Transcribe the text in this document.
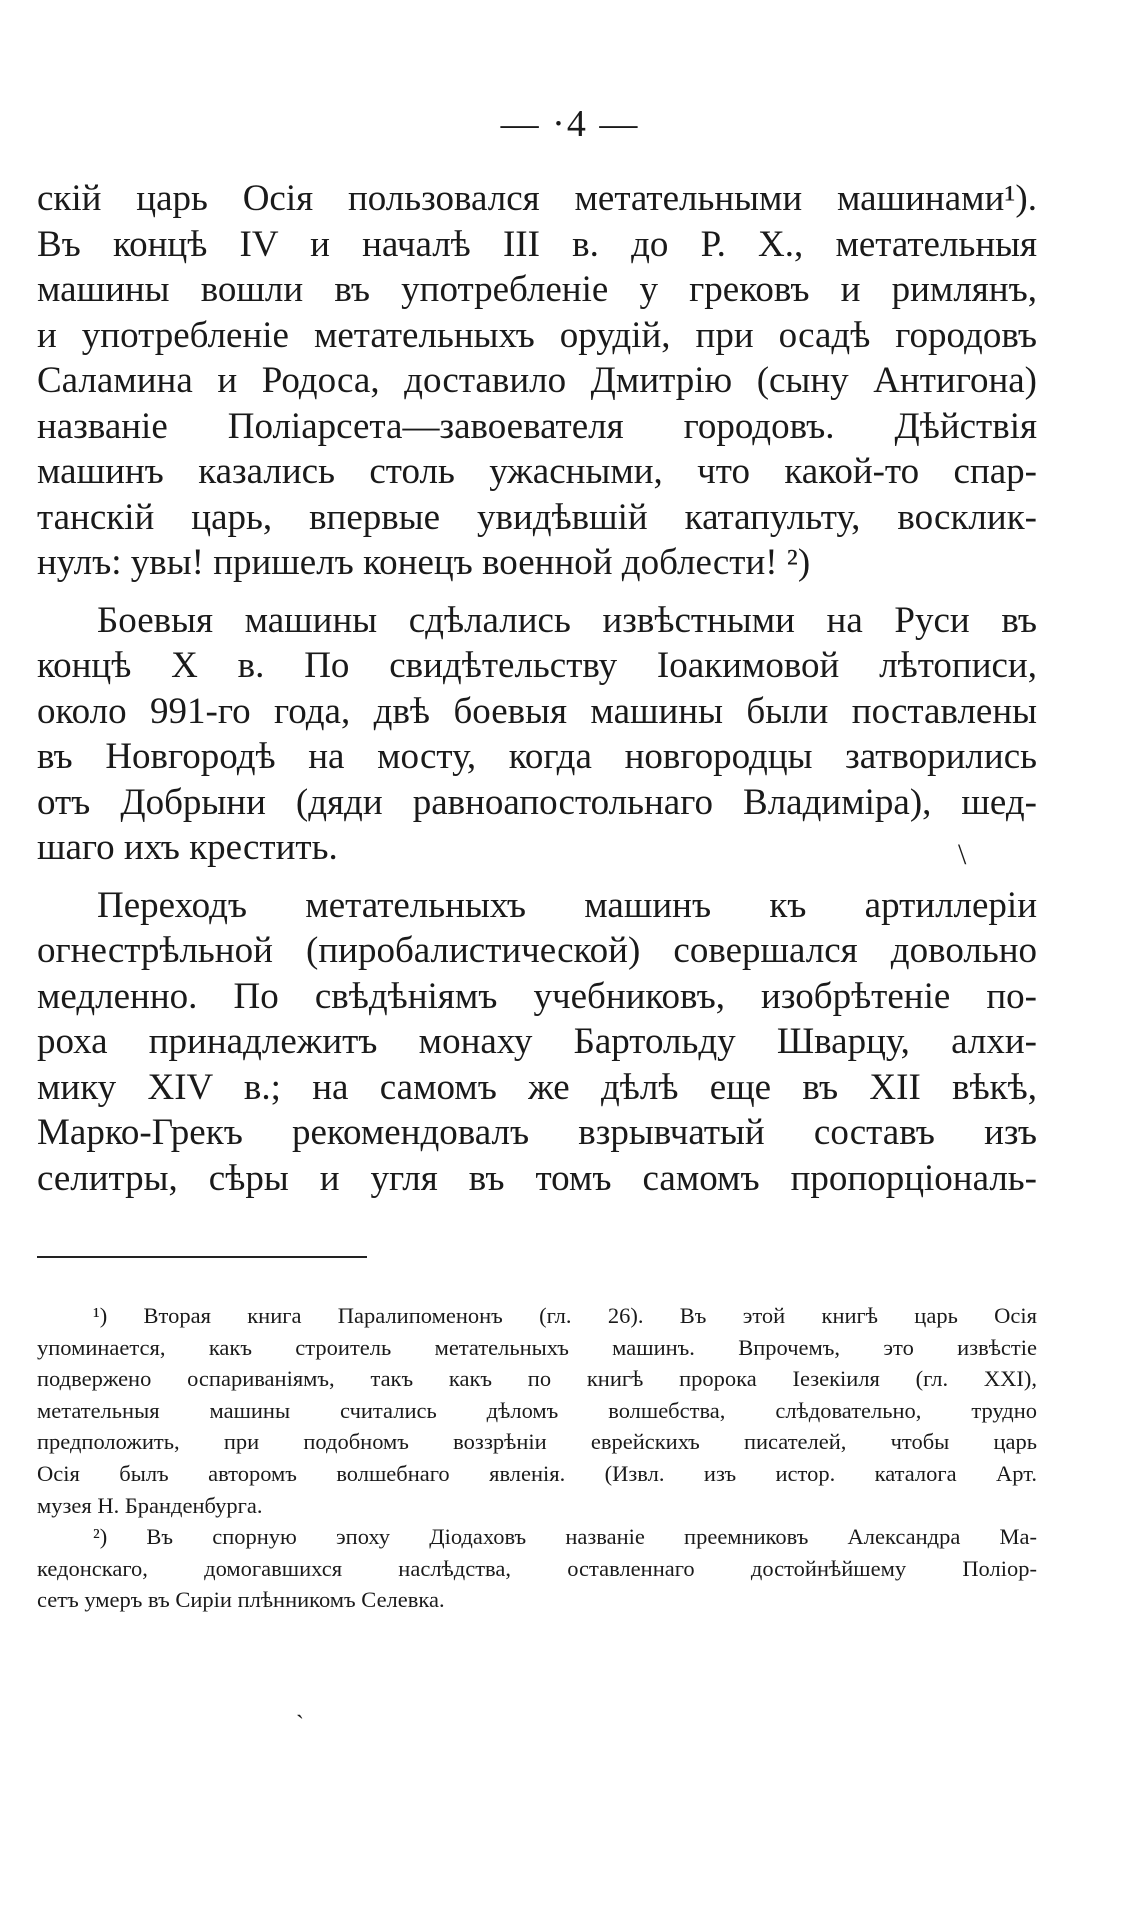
— ·4 —
скій царь Осія пользовался метательными машинами¹).
Въ концѣ IV и началѣ III в. до Р. Х., метательныя
машины вошли въ употребленіе у грековъ и римлянъ,
и употребленіе метательныхъ орудій, при осадѣ городовъ
Саламина и Родоса, доставило Дмитрію (сыну Антигона)
названіе Поліарсета—завоевателя городовъ. Дѣйствія
машинъ казались столь ужасными, что какой-то спар-
танскій царь, впервые увидѣвшій катапульту, восклик-
нулъ: увы! пришелъ конецъ военной доблести! ²)
Боевыя машины сдѣлались извѣстными на Руси въ
концѣ X в. По свидѣтельству Іоакимовой лѣтописи,
около 991-го года, двѣ боевыя машины были поставлены
въ Новгородѣ на мосту, когда новгородцы затворились
отъ Добрыни (дяди равноапостольнаго Владиміра), шед-
шаго ихъ крестить.
Переходъ метательныхъ машинъ къ артиллеріи
огнестрѣльной (пиробалистической) совершался довольно
медленно. По свѣдѣніямъ учебниковъ, изобрѣтеніе по-
роха принадлежитъ монаху Бартольду Шварцу, алхи-
мику XIV в.; на самомъ же дѣлѣ еще въ XII вѣкѣ,
Марко-Грекъ рекомендовалъ взрывчатый составъ изъ
селитры, сѣры и угля въ томъ самомъ пропорціональ-
\
¹) Вторая книга Паралипоменонъ (гл. 26). Въ этой книгѣ царь Осія
упоминается, какъ строитель метательныхъ машинъ. Впрочемъ, это извѣстіе
подвержено оспариваніямъ, такъ какъ по книгѣ пророка Іезекіиля (гл. XXI),
метательныя машины считались дѣломъ волшебства, слѣдовательно, трудно
предположить, при подобномъ воззрѣніи еврейскихъ писателей, чтобы царь
Осія былъ авторомъ волшебнаго явленія. (Извл. изъ истор. каталога Арт.
музея Н. Бранденбурга.
²) Въ спорную эпоху Діодаховъ названіе преемниковъ Александра Ма-
кедонскаго, домогавшихся наслѣдства, оставленнаго достойнѣйшему Поліор-
сетъ умеръ въ Сиріи плѣнникомъ Селевка.
ˋ
